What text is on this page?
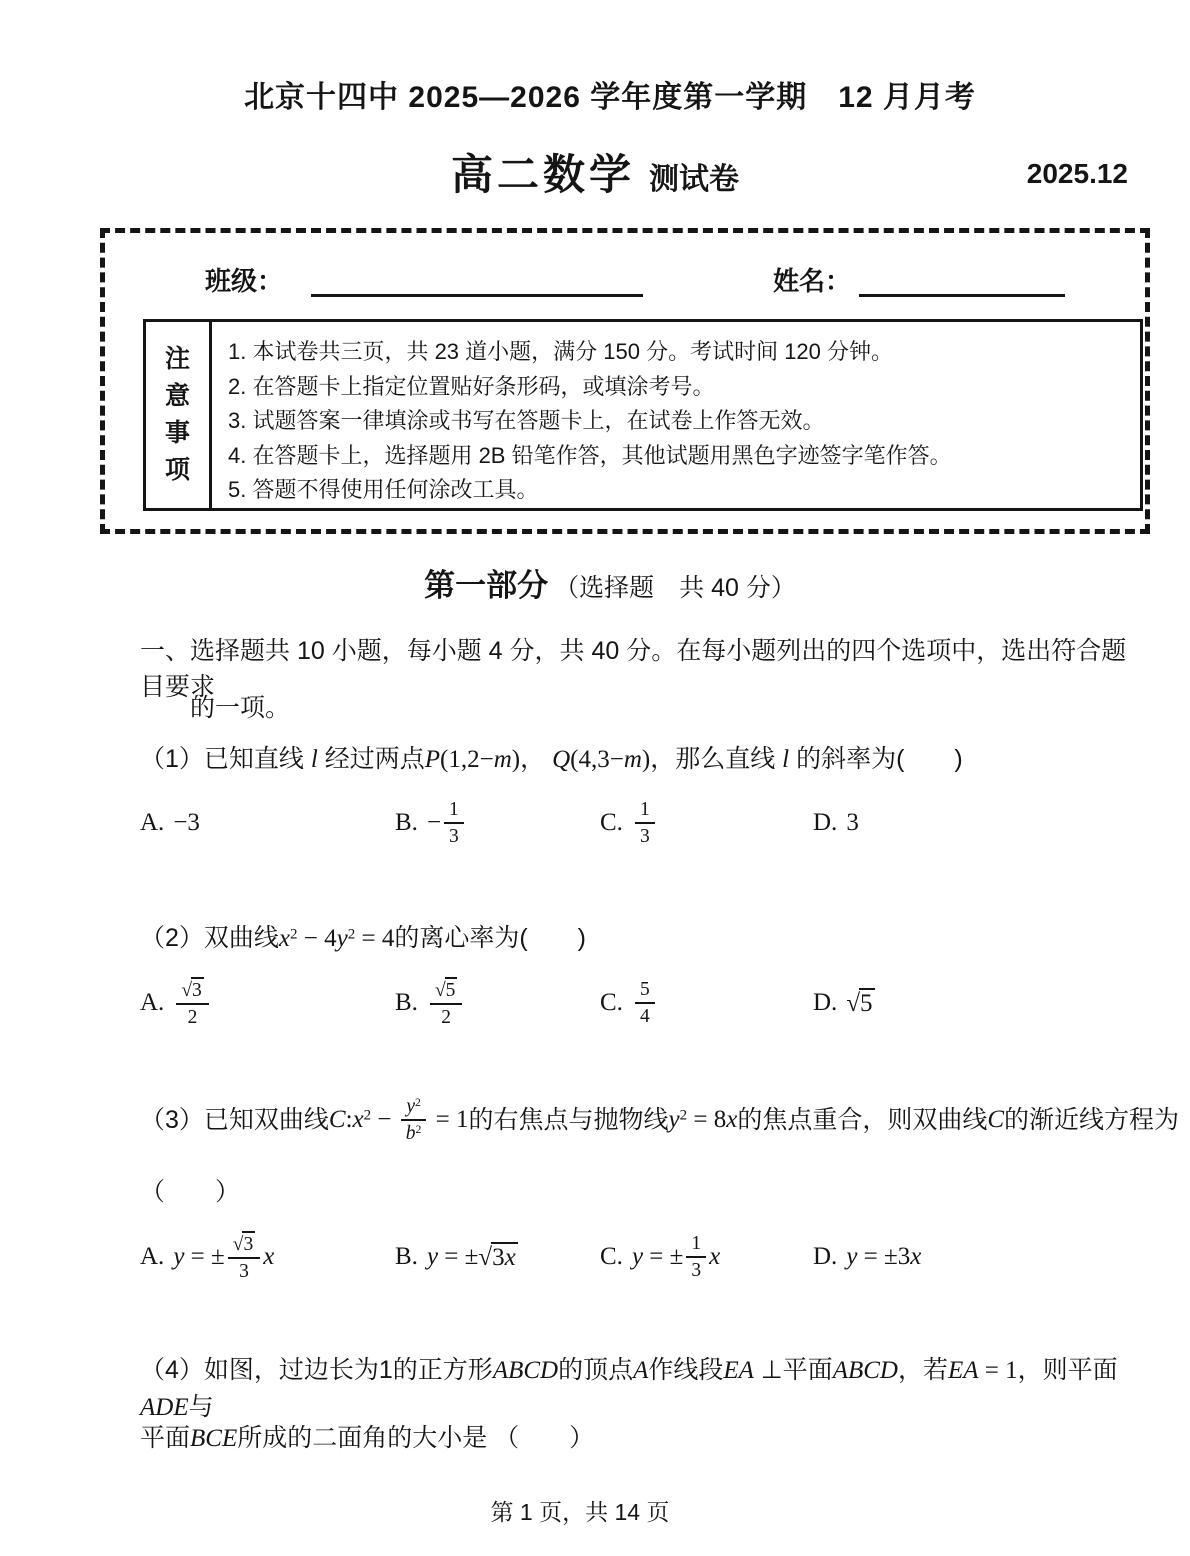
北京十四中 2025—2026 学年度第一学期　12 月月考
高二数学 测试卷	2025.12
班级：	姓名：
注意事项
1. 本试卷共三页，共 23 道小题，满分 150 分。考试时间 120 分钟。
2. 在答题卡上指定位置贴好条形码，或填涂考号。
3. 试题答案一律填涂或书写在答题卡上，在试卷上作答无效。
4. 在答题卡上，选择题用 2B 铅笔作答，其他试题用黑色字迹签字笔作答。
5. 答题不得使用任何涂改工具。
第一部分 （选择题　共 40 分）
一、选择题共 10 小题，每小题 4 分，共 40 分。在每小题列出的四个选项中，选出符合题目要求
的一项。
（1）已知直线 l 经过两点P(1,2−m)， Q(4,3−m)，那么直线 l 的斜率为(　　)
A. −3	B. − $\frac{1}{3}$	C. $\frac{1}{3}$	D. 3
（2）双曲线$x^2 - 4y^2 = 4$的离心率为(　　)
A. $\frac{√3}{2}$	B. $\frac{√5}{2}$	C. $\frac{5}{4}$	D. √5
（3）已知双曲线 C: $x^2 - \frac{y^2}{b^2} = 1$ 的右焦点与抛物线 $y^2 = 8$ x 的焦点重合，则双曲线 C 的渐近线方程为
（　　）
A. y = ± $\frac{√3}{3}$ x	B. y = ± √3x	C. y = ± $\frac{1}{3}$ x	D. y = ±3 x
（4）如图，过边长为1的正方形ABCD的顶点A作线段EA ⊥平面ABCD，若EA = 1，则平面ADE与
平面BCE所成的二面角的大小是 （　　）
第 1 页，共 14 页
